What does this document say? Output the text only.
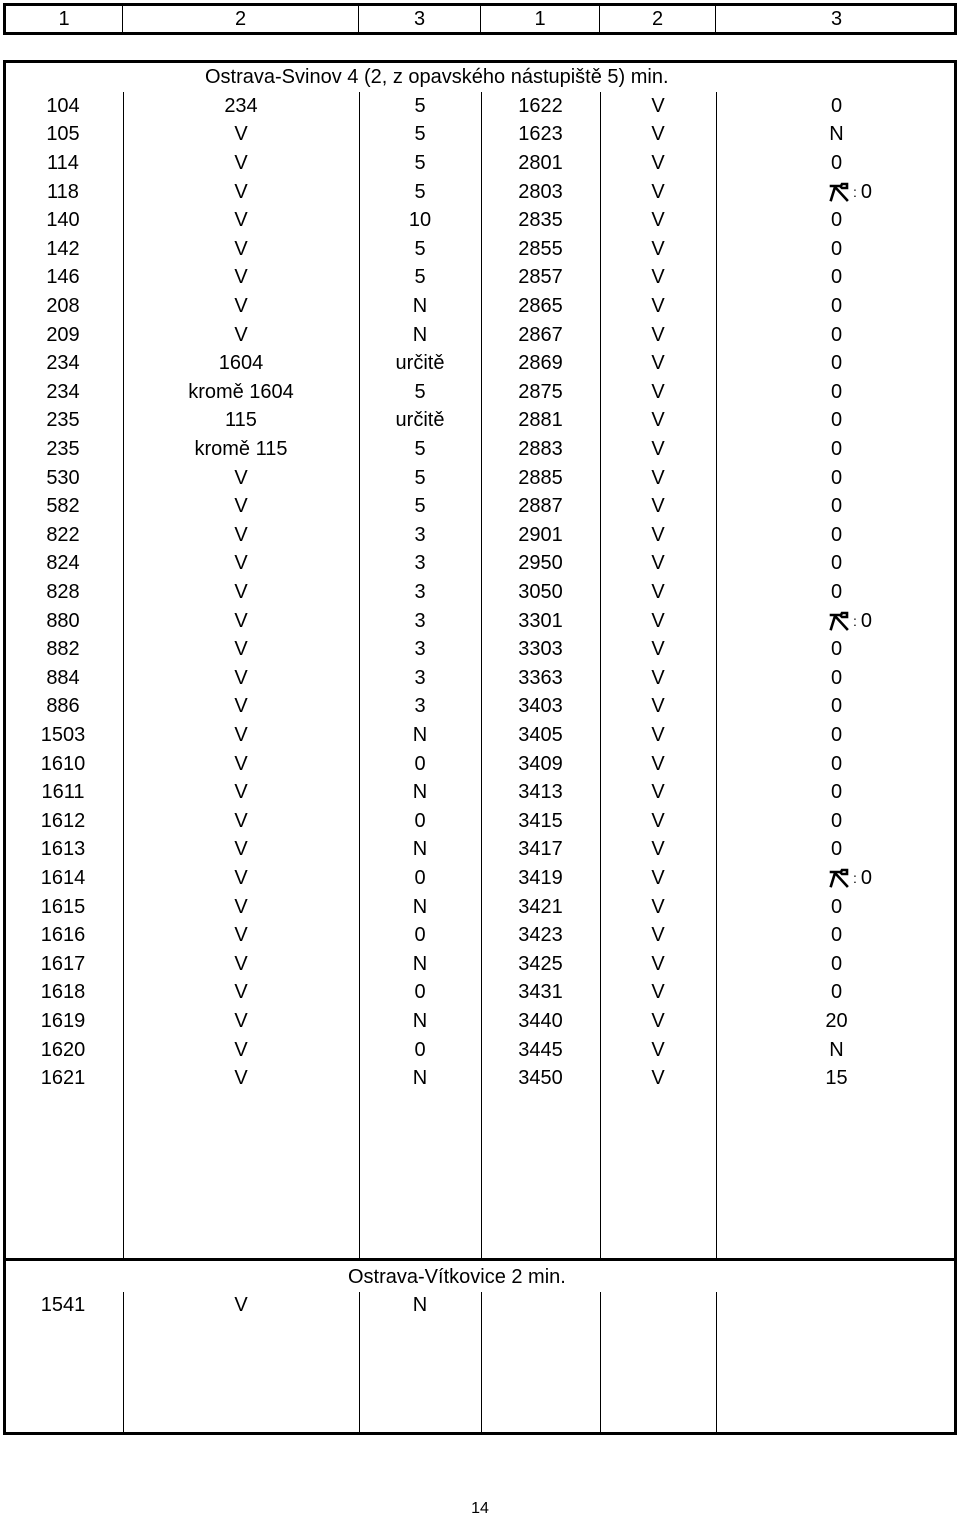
1	2	3	1	2	3
Ostrava-Svinov 4 (2, z opavského nástupiště 5) min.
104	234	5	1622	V	0
105	V	5	1623	V	N
114	V	5	2801	V	0
118	V	5	2803	V	: 0
140	V	10	2835	V	0
142	V	5	2855	V	0
146	V	5	2857	V	0
208	V	N	2865	V	0
209	V	N	2867	V	0
234	1604	určitě	2869	V	0
234	kromě 1604	5	2875	V	0
235	115	určitě	2881	V	0
235	kromě 115	5	2883	V	0
530	V	5	2885	V	0
582	V	5	2887	V	0
822	V	3	2901	V	0
824	V	3	2950	V	0
828	V	3	3050	V	0
880	V	3	3301	V	: 0
882	V	3	3303	V	0
884	V	3	3363	V	0
886	V	3	3403	V	0
1503	V	N	3405	V	0
1610	V	0	3409	V	0
1611	V	N	3413	V	0
1612	V	0	3415	V	0
1613	V	N	3417	V	0
1614	V	0	3419	V	: 0
1615	V	N	3421	V	0
1616	V	0	3423	V	0
1617	V	N	3425	V	0
1618	V	0	3431	V	0
1619	V	N	3440	V	20
1620	V	0	3445	V	N
1621	V	N	3450	V	15
Ostrava-Vítkovice 2 min.
1541	V	N
14
